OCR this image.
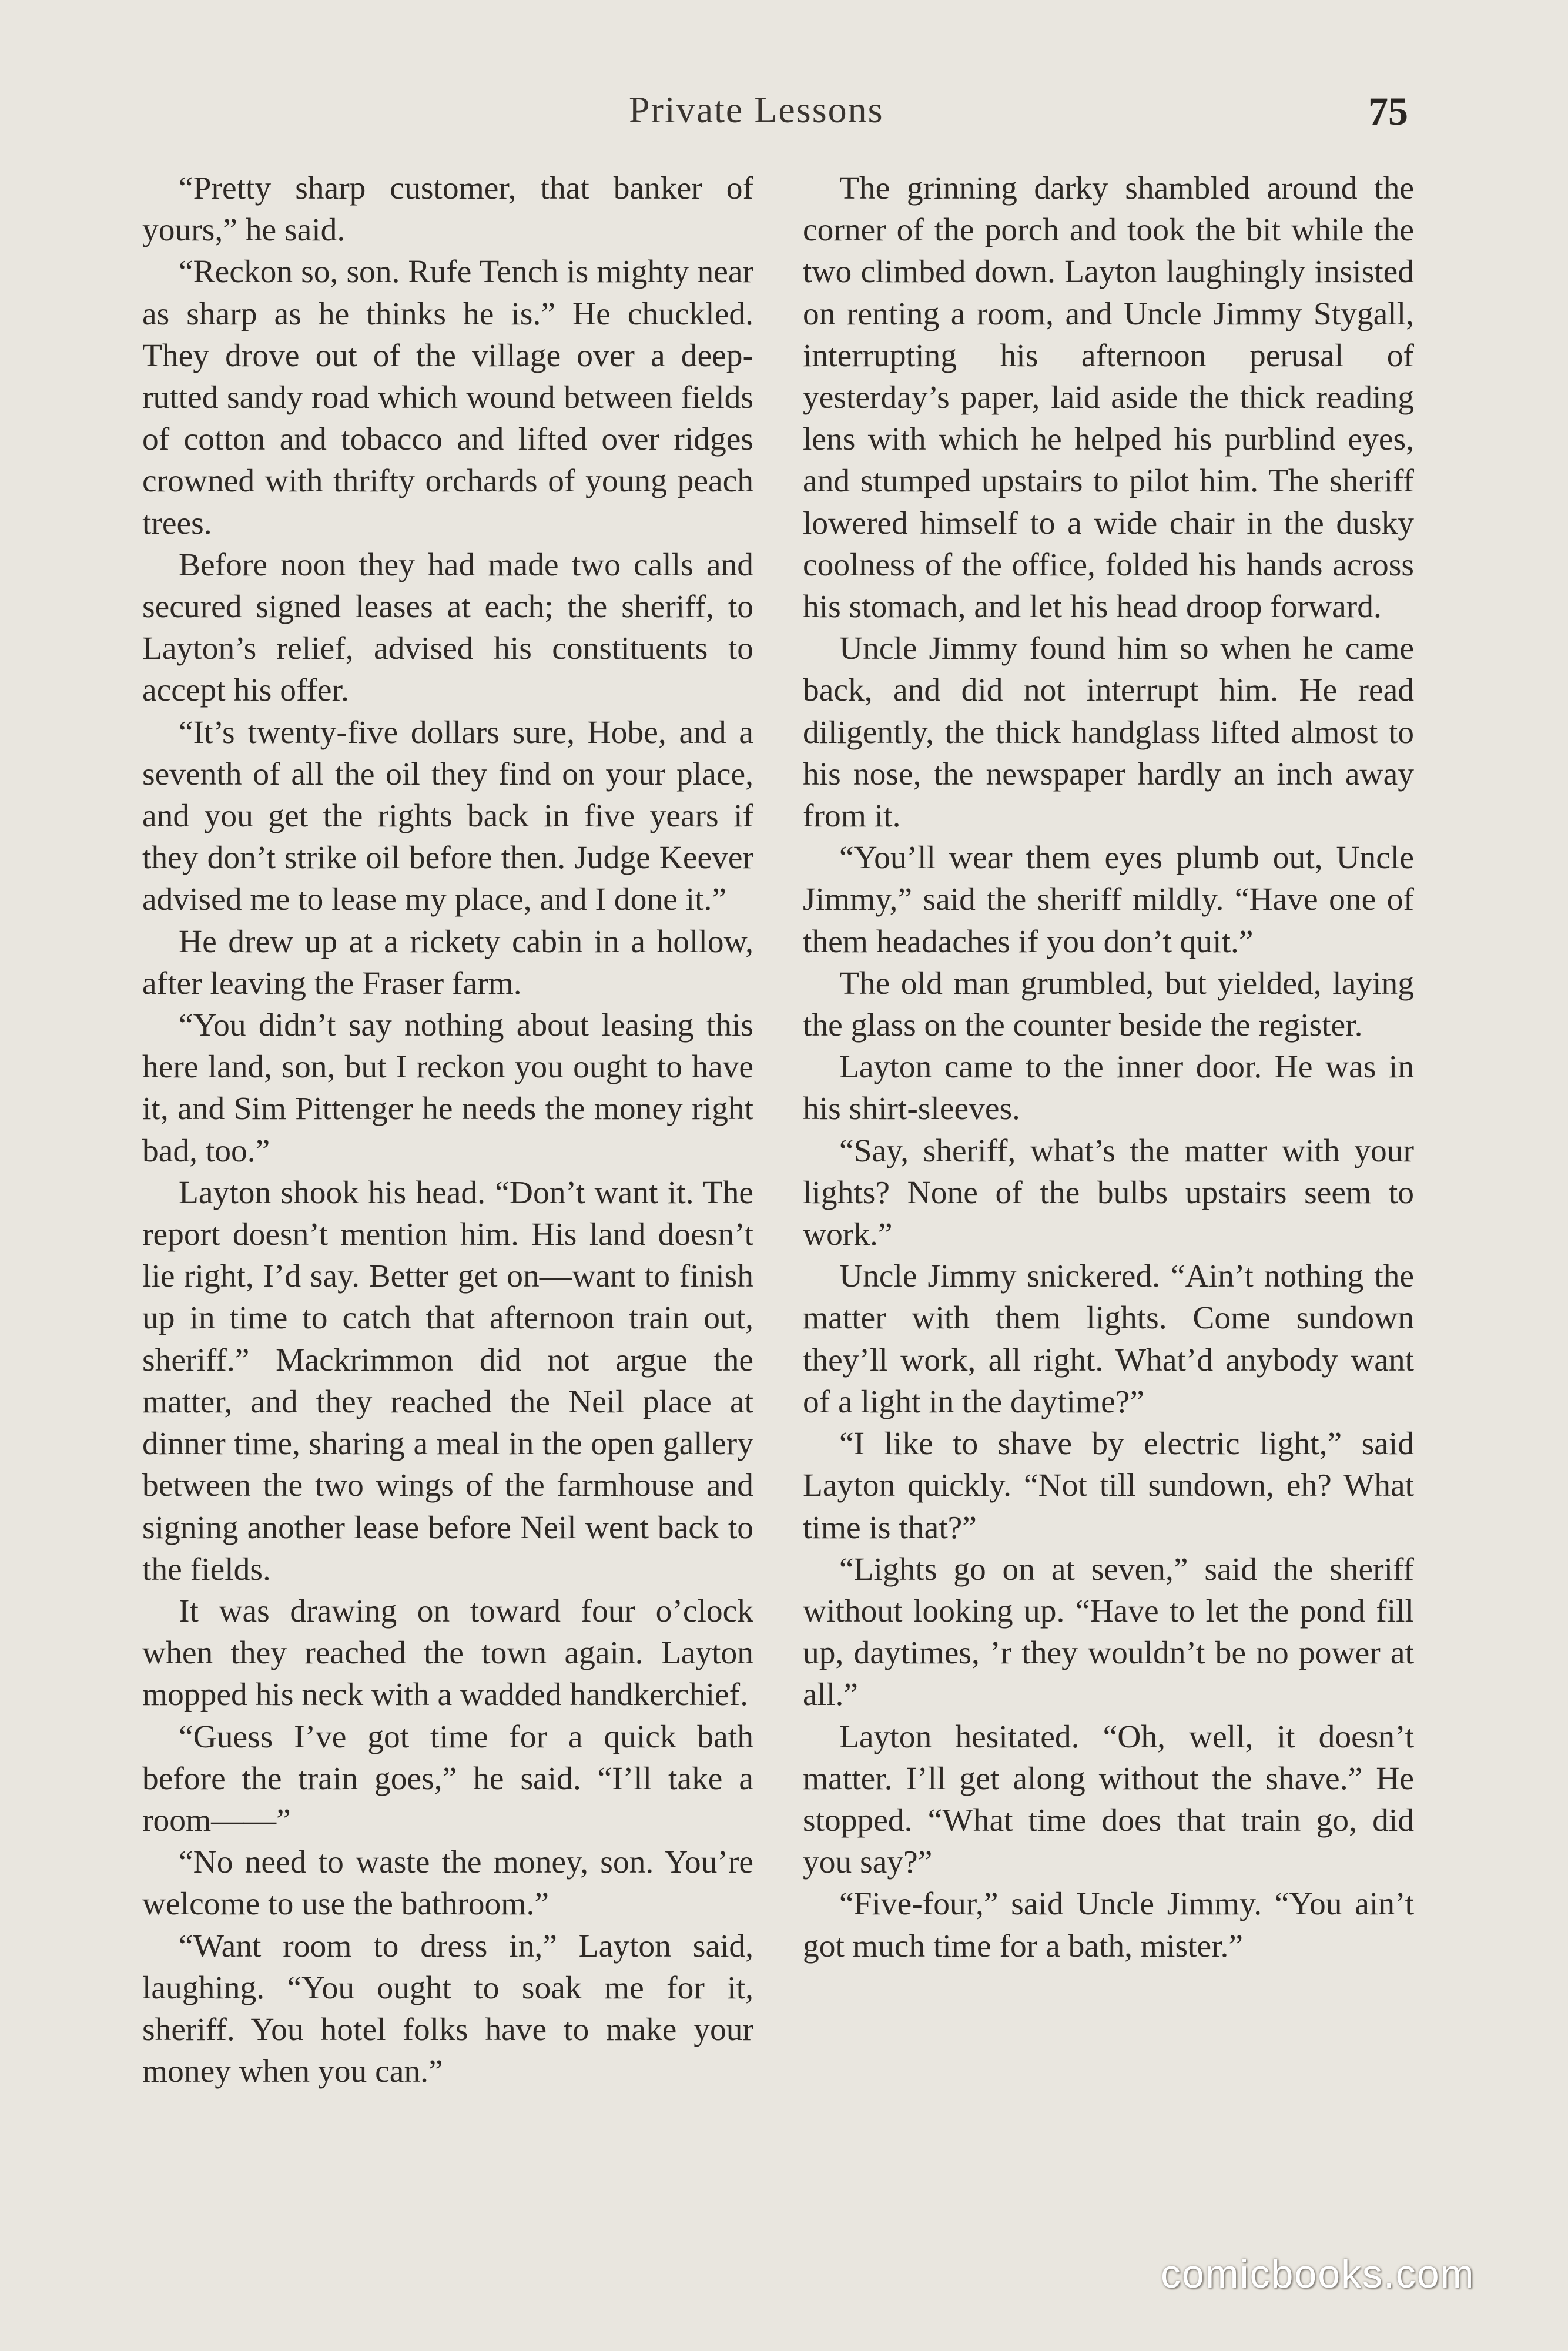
Private Lessons	75

“Pretty sharp customer, that banker of yours,” he said.

“Reckon so, son. Rufe Tench is mighty near as sharp as he thinks he is.” He chuckled. They drove out of the village over a deep-rutted sandy road which wound between fields of cotton and tobacco and lifted over ridges crowned with thrifty orchards of young peach trees.

Before noon they had made two calls and secured signed leases at each; the sheriff, to Layton’s relief, advised his constituents to accept his offer.

“It’s twenty-five dollars sure, Hobe, and a seventh of all the oil they find on your place, and you get the rights back in five years if they don’t strike oil before then. Judge Keever advised me to lease my place, and I done it.”

He drew up at a rickety cabin in a hollow, after leaving the Fraser farm.

“You didn’t say nothing about leasing this here land, son, but I reckon you ought to have it, and Sim Pittenger he needs the money right bad, too.”

Layton shook his head. “Don’t want it. The report doesn’t mention him. His land doesn’t lie right, I’d say. Better get on—want to finish up in time to catch that afternoon train out, sheriff.” Mackrimmon did not argue the matter, and they reached the Neil place at dinner time, sharing a meal in the open gallery between the two wings of the farmhouse and signing another lease before Neil went back to the fields.

It was drawing on toward four o’clock when they reached the town again. Layton mopped his neck with a wadded handkerchief.

“Guess I’ve got time for a quick bath before the train goes,” he said. “I’ll take a room——”

“No need to waste the money, son. You’re welcome to use the bathroom.”

“Want room to dress in,” Layton said, laughing. “You ought to soak me for it, sheriff. You hotel folks have to make your money when you can.”

The grinning darky shambled around the corner of the porch and took the bit while the two climbed down. Layton laughingly insisted on renting a room, and Uncle Jimmy Stygall, interrupting his afternoon perusal of yesterday’s paper, laid aside the thick reading lens with which he helped his purblind eyes, and stumped upstairs to pilot him. The sheriff lowered himself to a wide chair in the dusky coolness of the office, folded his hands across his stomach, and let his head droop forward.

Uncle Jimmy found him so when he came back, and did not interrupt him. He read diligently, the thick handglass lifted almost to his nose, the newspaper hardly an inch away from it.

“You’ll wear them eyes plumb out, Uncle Jimmy,” said the sheriff mildly. “Have one of them headaches if you don’t quit.”

The old man grumbled, but yielded, laying the glass on the counter beside the register.

Layton came to the inner door. He was in his shirt-sleeves.

“Say, sheriff, what’s the matter with your lights? None of the bulbs upstairs seem to work.”

Uncle Jimmy snickered. “Ain’t nothing the matter with them lights. Come sundown they’ll work, all right. What’d anybody want of a light in the daytime?”

“I like to shave by electric light,” said Layton quickly. “Not till sundown, eh? What time is that?”

“Lights go on at seven,” said the sheriff without looking up. “Have to let the pond fill up, daytimes, ’r they wouldn’t be no power at all.”

Layton hesitated. “Oh, well, it doesn’t matter. I’ll get along without the shave.” He stopped. “What time does that train go, did you say?”

“Five-four,” said Uncle Jimmy. “You ain’t got much time for a bath, mister.”

comicbooks.com
